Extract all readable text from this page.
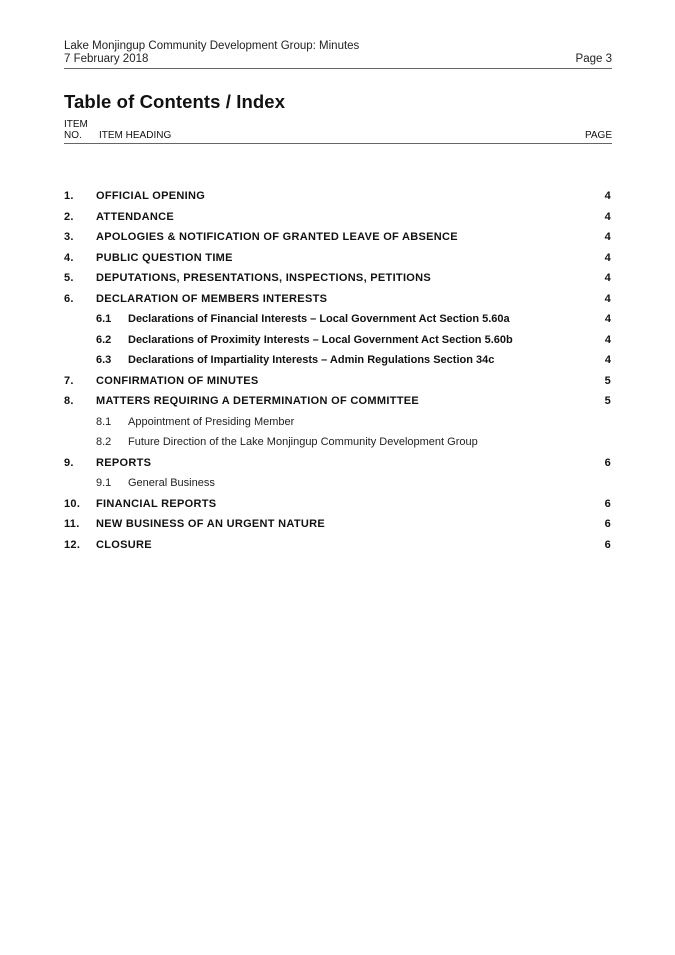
Lake Monjingup Community Development Group: Minutes
7 February 2018	Page 3
Table of Contents / Index
ITEM
NO. ITEM HEADING	PAGE
1.	OFFICIAL OPENING	4
2.	ATTENDANCE	4
3.	APOLOGIES & NOTIFICATION OF GRANTED LEAVE OF ABSENCE	4
4.	PUBLIC QUESTION TIME	4
5.	DEPUTATIONS, PRESENTATIONS, INSPECTIONS, PETITIONS	4
6.	DECLARATION OF MEMBERS INTERESTS	4
6.1	Declarations of Financial Interests – Local Government Act Section 5.60a	4
6.2	Declarations of Proximity Interests – Local Government Act Section 5.60b	4
6.3	Declarations of Impartiality Interests – Admin Regulations Section 34c	4
7.	CONFIRMATION OF MINUTES	5
8.	MATTERS REQUIRING A DETERMINATION OF COMMITTEE	5
8.1	Appointment of Presiding Member
8.2	Future Direction of the Lake Monjingup Community Development Group
9.	REPORTS	6
9.1	General Business
10.	FINANCIAL REPORTS	6
11.	NEW BUSINESS OF AN URGENT NATURE	6
12.	CLOSURE	6
